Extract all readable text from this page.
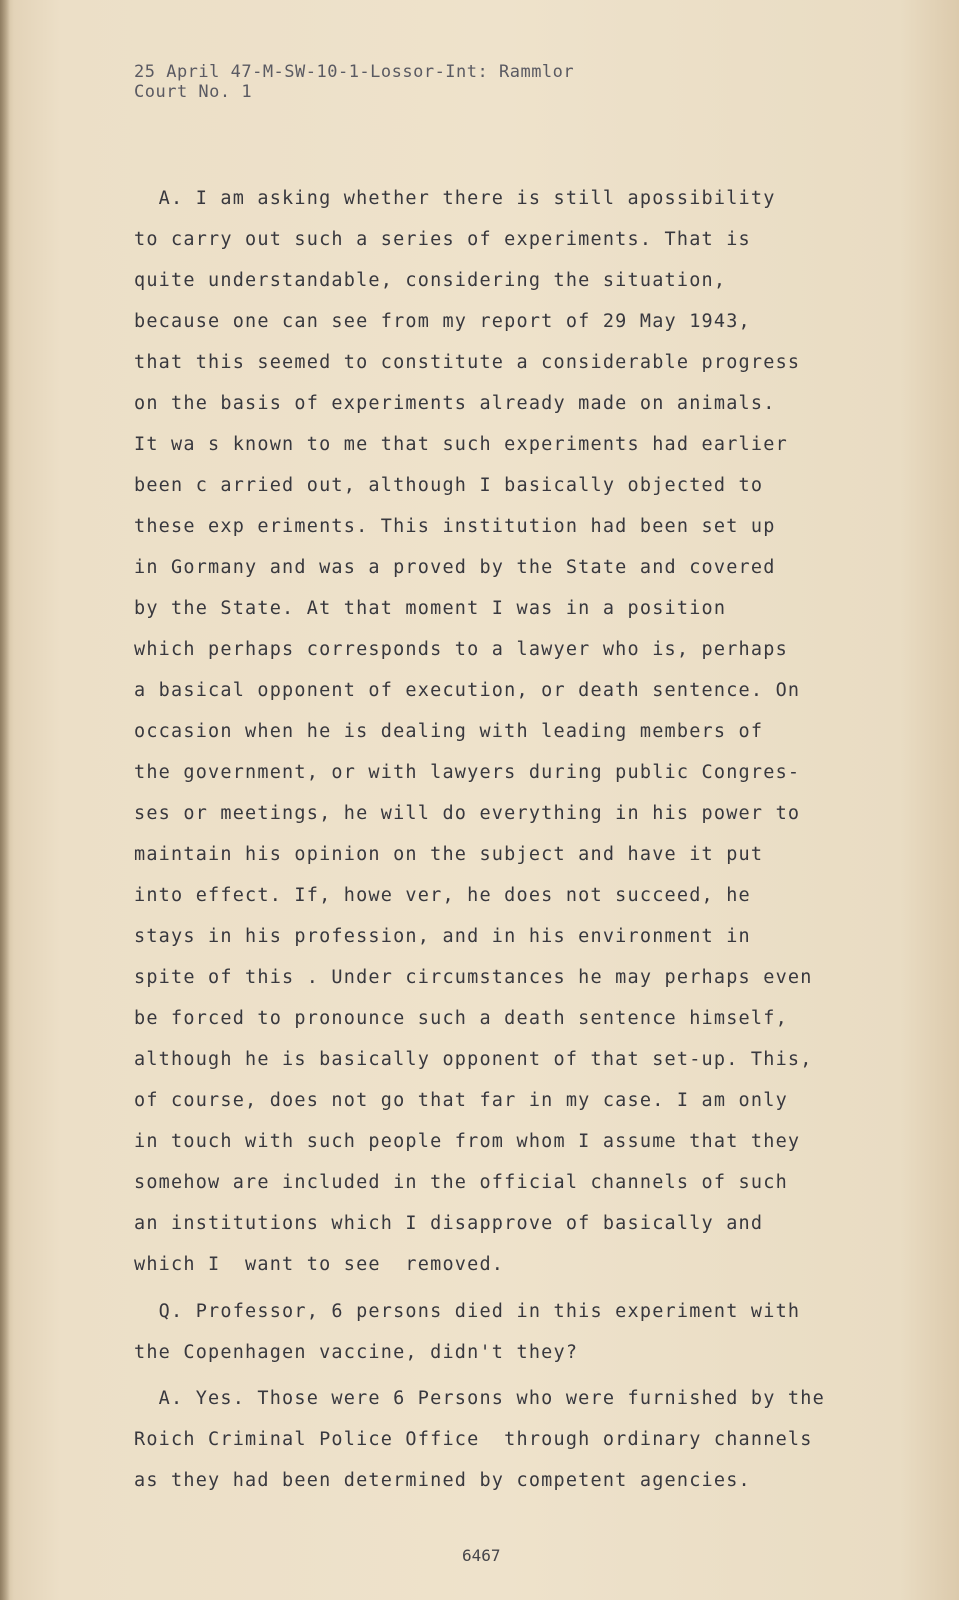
25 April 47-M-SW-10-1-Lossor-Int: Rammlor
Court No. 1
A. I am asking whether there is still apossibility
to carry out such a series of experiments. That is
quite understandable, considering the situation,
because one can see from my report of 29 May 1943,
that this seemed to constitute a considerable progress
on the basis of experiments already made on animals.
It wa s known to me that such experiments had earlier
been c arried out, although I basically objected to
these exp eriments. This institution had been set up
in Gormany and was a proved by the State and covered
by the State. At that moment I was in a position
which perhaps corresponds to a lawyer who is, perhaps
a basical opponent of execution, or death sentence. On
occasion when he is dealing with leading members of
the government, or with lawyers during public Congres-
ses or meetings, he will do everything in his power to
maintain his opinion on the subject and have it put
into effect. If, howe ver, he does not succeed, he
stays in his profession, and in his environment in
spite of this . Under circumstances he may perhaps even
be forced to pronounce such a death sentence himself,
although he is basically opponent of that set-up. This,
of course, does not go that far in my case. I am only
in touch with such people from whom I assume that they
somehow are included in the official channels of such
an institutions which I disapprove of basically and
which I  want to see  removed.
Q. Professor, 6 persons died in this experiment with
the Copenhagen vaccine, didn't they?
A. Yes. Those were 6 Persons who were furnished by the
Roich Criminal Police Office  through ordinary channels
as they had been determined by competent agencies.
6467
